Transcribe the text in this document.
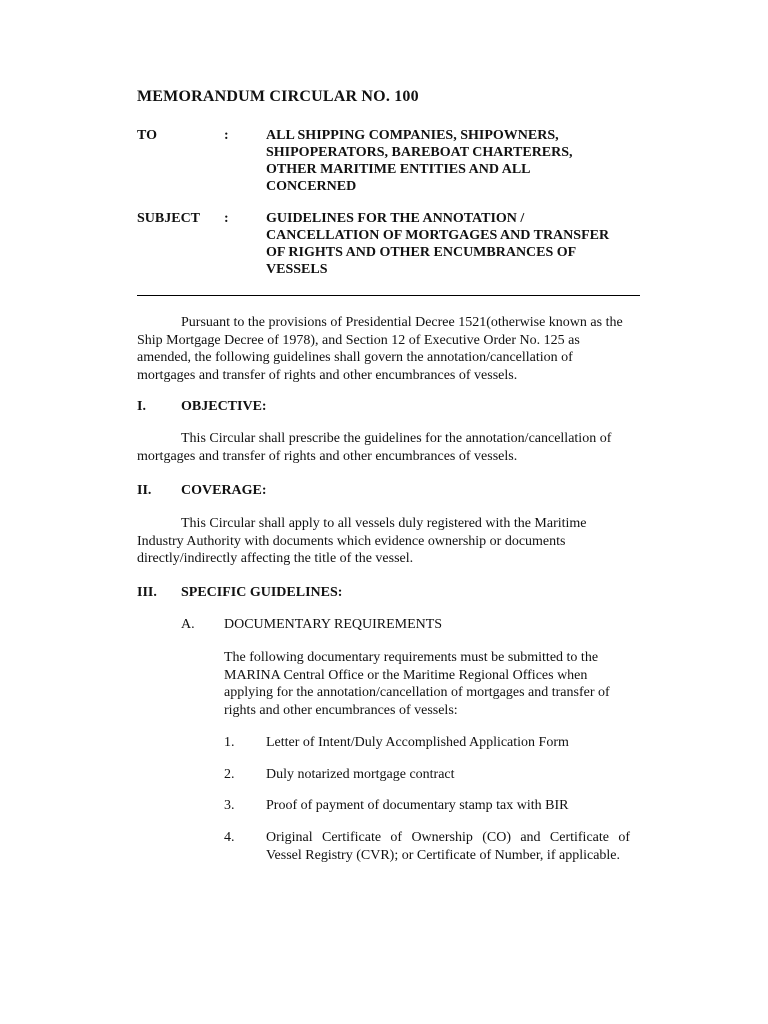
MEMORANDUM CIRCULAR NO. 100
TO	:	ALL SHIPPING COMPANIES, SHIPOWNERS,
SHIPOPERATORS, BAREBOAT CHARTERERS,
OTHER MARITIME ENTITIES AND ALL
CONCERNED
SUBJECT :	GUIDELINES FOR THE ANNOTATION /
CANCELLATION OF MORTGAGES AND TRANSFER
OF RIGHTS AND OTHER ENCUMBRANCES OF
VESSELS
Pursuant to the provisions of Presidential Decree 1521(otherwise known as the
Ship Mortgage Decree of 1978), and Section 12 of Executive Order No. 125 as
amended, the following guidelines shall govern the annotation/cancellation of
mortgages and transfer of rights and other encumbrances of vessels.
I.	OBJECTIVE:
This Circular shall prescribe the guidelines for the annotation/cancellation of
mortgages and transfer of rights and other encumbrances of vessels.
II. COVERAGE:
This Circular shall apply to all vessels duly registered with the Maritime
Industry Authority with documents which evidence ownership or documents
directly/indirectly affecting the title of the vessel.
III. SPECIFIC GUIDELINES:
A. DOCUMENTARY REQUIREMENTS
The following documentary requirements must be submitted to the
MARINA Central Office or the Maritime Regional Offices when
applying for the annotation/cancellation of mortgages and transfer of
rights and other encumbrances of vessels:
1. Letter of Intent/Duly Accomplished Application Form
2. Duly notarized mortgage contract
3. Proof of payment of documentary stamp tax with BIR
4. Original Certificate of Ownership (CO) and Certificate of
Vessel Registry (CVR); or Certificate of Number, if applicable.
